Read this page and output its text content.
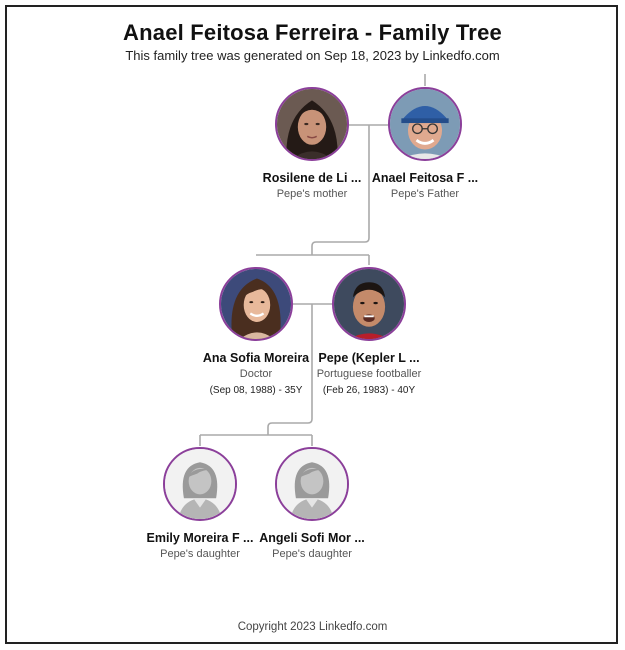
Anael Feitosa Ferreira - Family Tree
This family tree was generated on Sep 18, 2023 by Linkedfo.com
Rosilene de Li ...
Pepe's mother
Anael Feitosa F ...
Pepe's Father
Ana Sofia Moreira
Doctor
(Sep 08, 1988) - 35Y
Pepe (Kepler L ...
Portuguese footballer
(Feb 26, 1983) - 40Y
Emily Moreira F ...
Pepe's daughter
Angeli Sofi Mor ...
Pepe's daughter
Copyright 2023 Linkedfo.com
